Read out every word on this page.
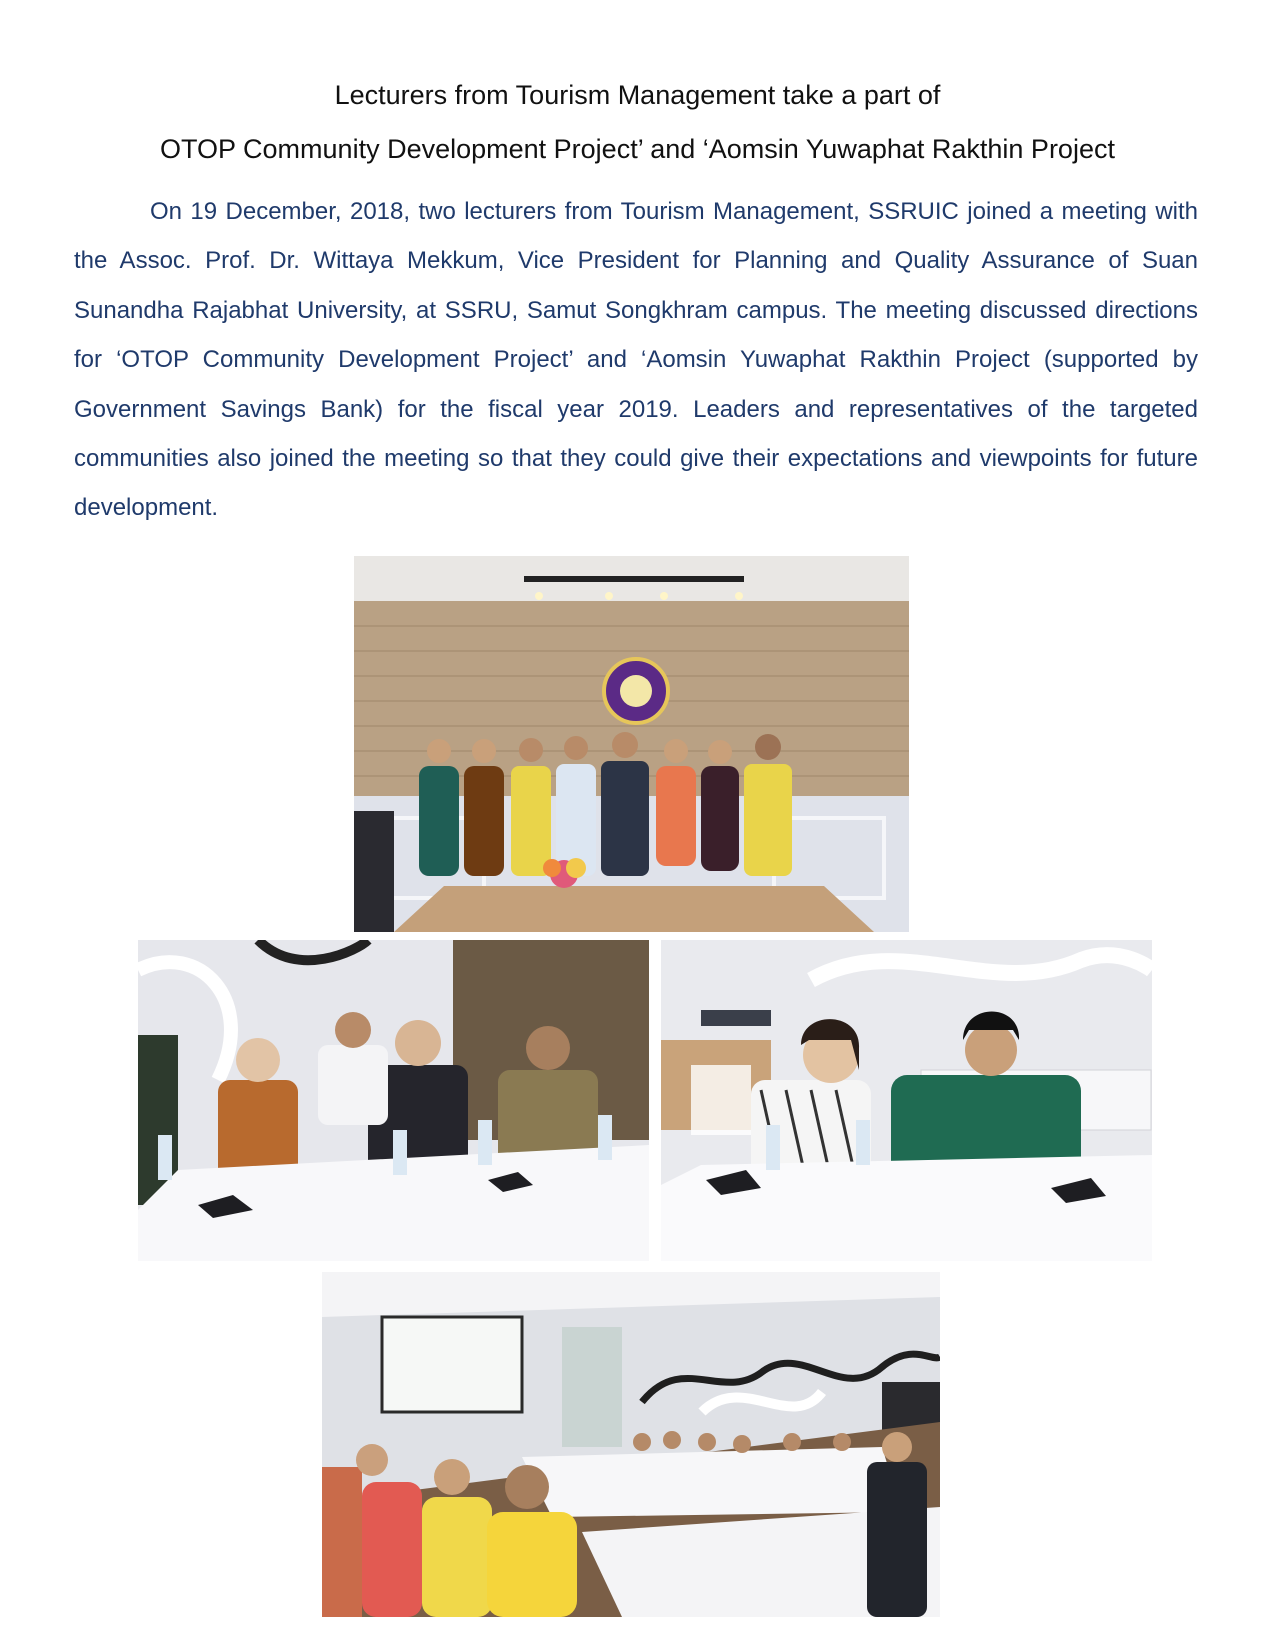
Lecturers from Tourism Management take a part of
OTOP Community Development Project’ and ‘Aomsin Yuwaphat Rakthin Project

On 19 December, 2018, two lecturers from Tourism Management, SSRUIC joined a meeting with the Assoc. Prof. Dr. Wittaya Mekkum, Vice President for Planning and Quality Assurance of Suan Sunandha Rajabhat University, at SSRU, Samut Songkhram campus. The meeting discussed directions for ‘OTOP Community Development Project’ and ‘Aomsin Yuwaphat Rakthin Project (supported by Government Savings Bank) for the fiscal year 2019. Leaders and representatives of the targeted communities also joined the meeting so that they could give their expectations and viewpoints for future development.
